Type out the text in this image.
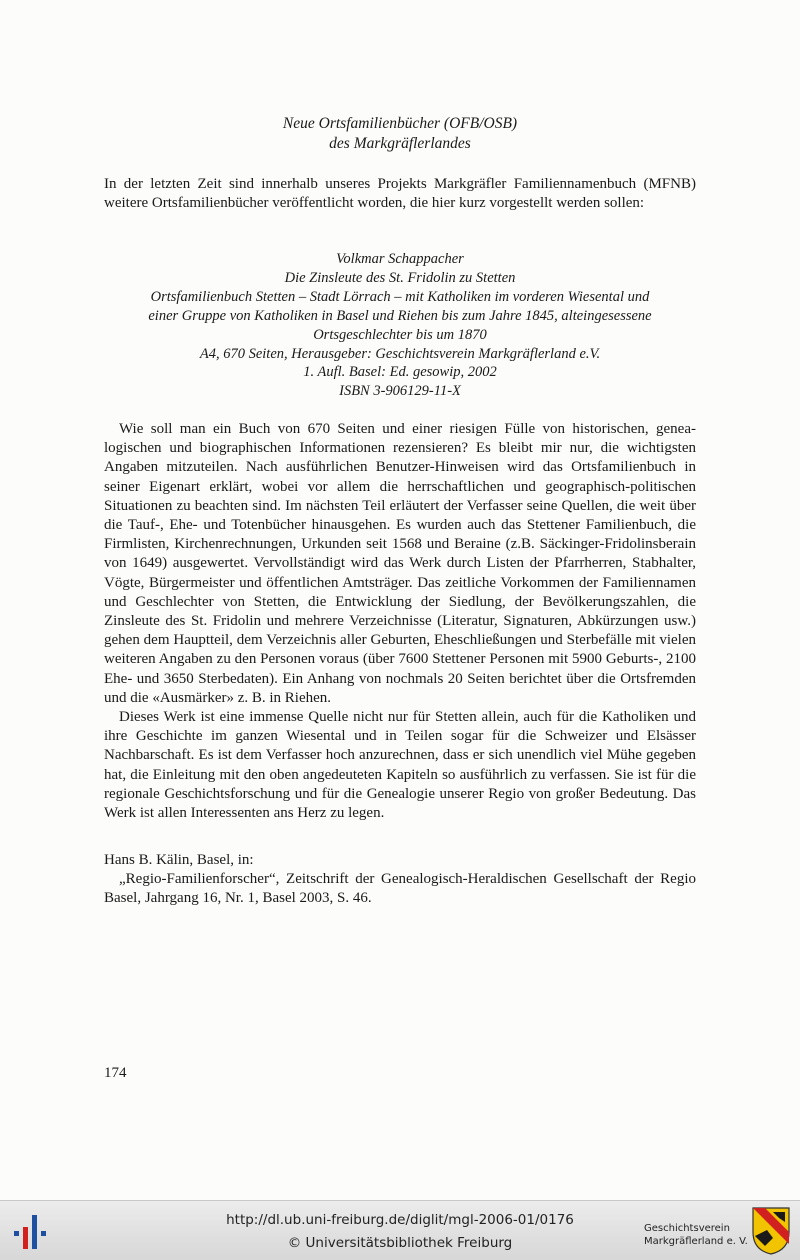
Neue Ortsfamilienbücher (OFB/OSB)
des Markgräflerlandes
In der letzten Zeit sind innerhalb unseres Projekts Markgräfler Familiennamenbuch (MFNB) weitere Ortsfamilienbücher veröffentlicht worden, die hier kurz vorgestellt werden sollen:
Volkmar Schappacher
Die Zinsleute des St. Fridolin zu Stetten
Ortsfamilienbuch Stetten – Stadt Lörrach – mit Katholiken im vorderen Wiesental und
einer Gruppe von Katholiken in Basel und Riehen bis zum Jahre 1845, alteingesessene
Ortsgeschlechter bis um 1870
A4, 670 Seiten, Herausgeber: Geschichtsverein Markgräflerland e.V.
1. Aufl. Basel: Ed. gesowip, 2002
ISBN 3-906129-11-X

Wie soll man ein Buch von 670 Seiten und einer riesigen Fülle von historischen, genealogischen und biographischen Informationen rezensieren? Es bleibt mir nur, die wichtigsten Angaben mitzuteilen. Nach ausführlichen Benutzer-Hinweisen wird das Ortsfamilienbuch in seiner Eigenart erklärt, wobei vor allem die herrschaftlichen und geographisch-politischen Situationen zu beachten sind. Im nächsten Teil erläutert der Verfasser seine Quellen, die weit über die Tauf-, Ehe- und Totenbücher hinausgehen. Es wurden auch das Stettener Familienbuch, die Firmlisten, Kirchenrechnungen, Urkunden seit 1568 und Beraine (z.B. Säckinger-Fridolinsberain von 1649) ausgewertet. Vervollständigt wird das Werk durch Listen der Pfarrherren, Stabhalter, Vögte, Bürgermeister und öffentlichen Amtsträger. Das zeitliche Vorkommen der Familiennamen und Geschlechter von Stetten, die Entwicklung der Siedlung, der Bevölkerungszahlen, die Zinsleute des St. Fridolin und mehrere Verzeichnisse (Literatur, Signaturen, Abkürzungen usw.) gehen dem Hauptteil, dem Verzeichnis aller Geburten, Eheschließungen und Sterbefälle mit vielen weiteren Angaben zu den Personen voraus (über 7600 Stettener Personen mit 5900 Geburts-, 2100 Ehe- und 3650 Sterbedaten). Ein Anhang von nochmals 20 Seiten berichtet über die Ortsfremden und die «Ausmärker» z. B. in Riehen.

Dieses Werk ist eine immense Quelle nicht nur für Stetten allein, auch für die Katholiken und ihre Geschichte im ganzen Wiesental und in Teilen sogar für die Schweizer und Elsässer Nachbarschaft. Es ist dem Verfasser hoch anzurechnen, dass er sich unendlich viel Mühe gegeben hat, die Einleitung mit den oben angedeuteten Kapiteln so ausführlich zu verfassen. Sie ist für die regionale Geschichtsforschung und für die Genealogie unserer Regio von großer Bedeutung. Das Werk ist allen Interessenten ans Herz zu legen.

Hans B. Kälin, Basel, in:

„Regio-Familienforscher“, Zeitschrift der Genealogisch-Heraldischen Gesellschaft der Regio Basel, Jahrgang 16, Nr. 1, Basel 2003, S. 46.

174
http://dl.ub.uni-freiburg.de/diglit/mgl-2006-01/0176
© Universitätsbibliothek Freiburg
Geschichtsverein
Markgräflerland e. V.
